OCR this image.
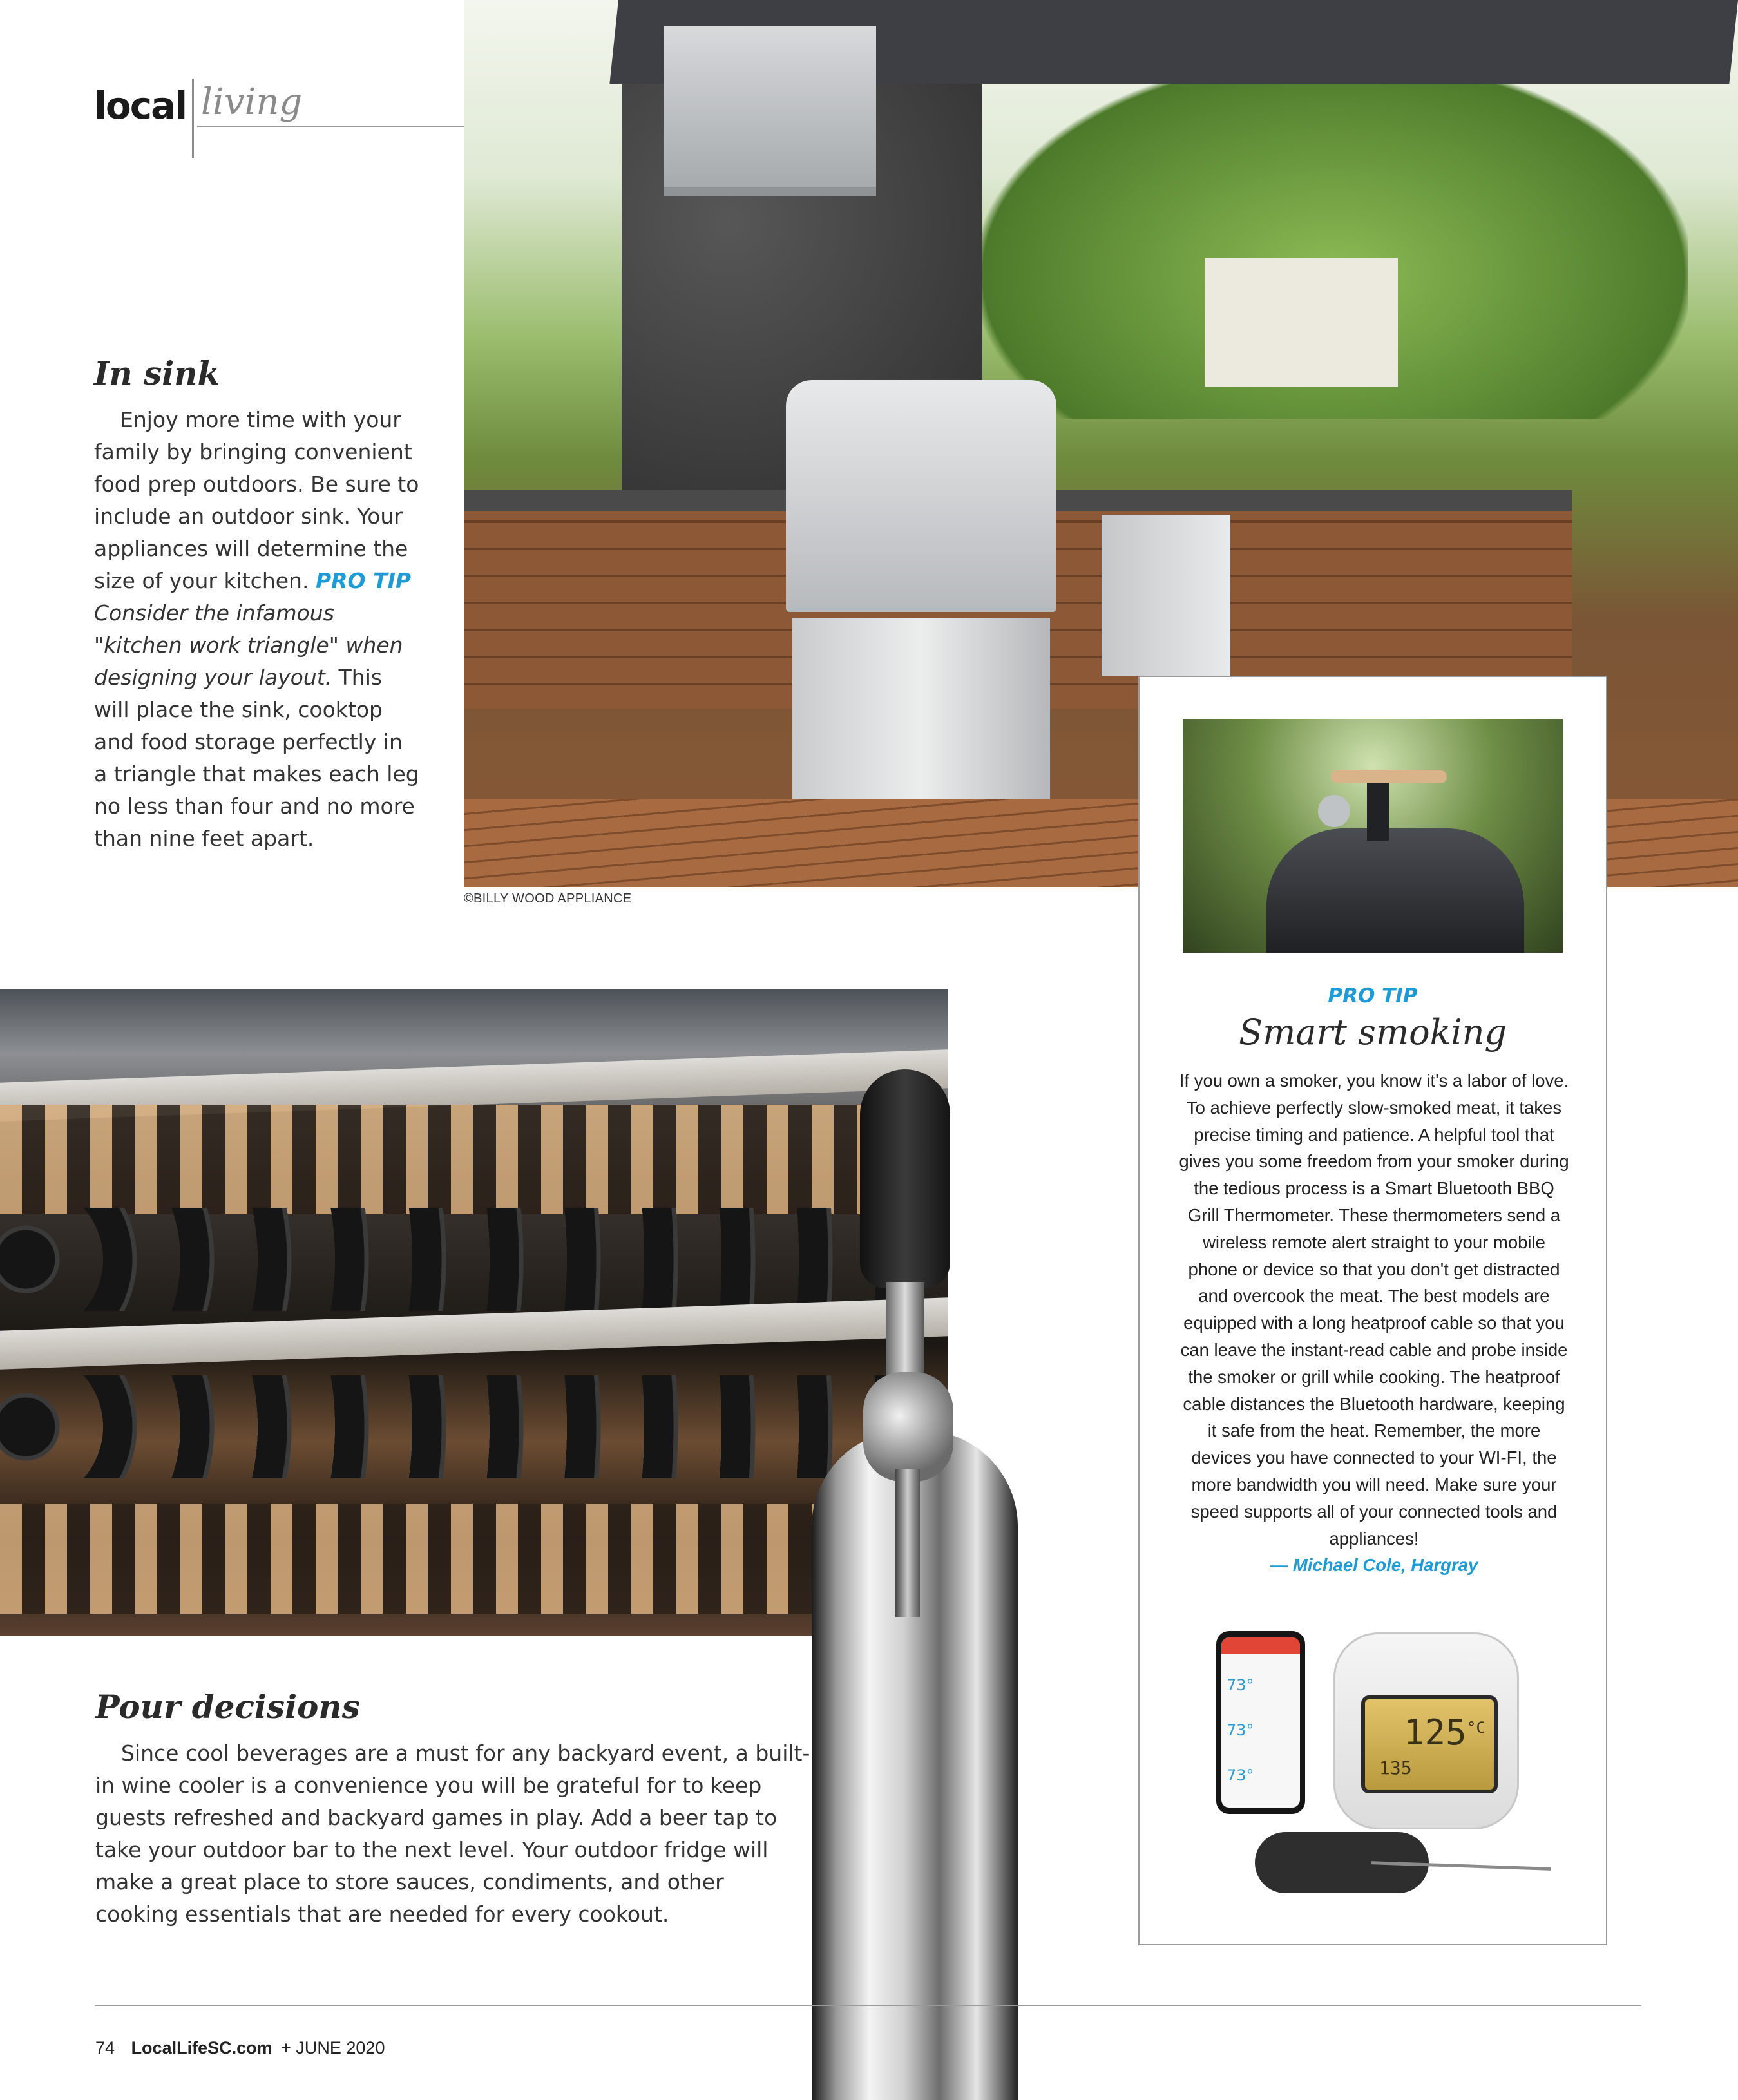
local living
©BILLY WOOD APPLIANCE
In sink

Enjoy more time with your family by bringing convenient food prep outdoors. Be sure to include an outdoor sink. Your appliances will determine the size of your kitchen. PRO TIP Consider the infamous "kitchen work triangle" when designing your layout. This will place the sink, cooktop and food storage perfectly in a triangle that makes each leg no less than four and no more than nine feet apart.

Pour decisions

Since cool beverages are a must for any backyard event, a built-in wine cooler is a convenience you will be grateful for to keep guests refreshed and backyard games in play. Add a beer tap to take your outdoor bar to the next level. Your outdoor fridge will make a great place to store sauces, condiments, and other cooking essentials that are needed for every cookout.

PRO TIP
Smart smoking
If you own a smoker, you know it's a labor of love. To achieve perfectly slow-smoked meat, it takes precise timing and patience. A helpful tool that gives you some freedom from your smoker during the tedious process is a Smart Bluetooth BBQ Grill Thermometer. These thermometers send a wireless remote alert straight to your mobile phone or device so that you don't get distracted and overcook the meat. The best models are equipped with a long heatproof cable so that you can leave the instant-read cable and probe inside the smoker or grill while cooking. The heatproof cable distances the Bluetooth hardware, keeping it safe from the heat. Remember, the more devices you have connected to your WI-FI, the more bandwidth you will need. Make sure your speed supports all of your connected tools and appliances!
— Michael Cole, Hargray
73°
73°
73°
125 °C
135
74 LocalLifeSC.com + JUNE 2020
